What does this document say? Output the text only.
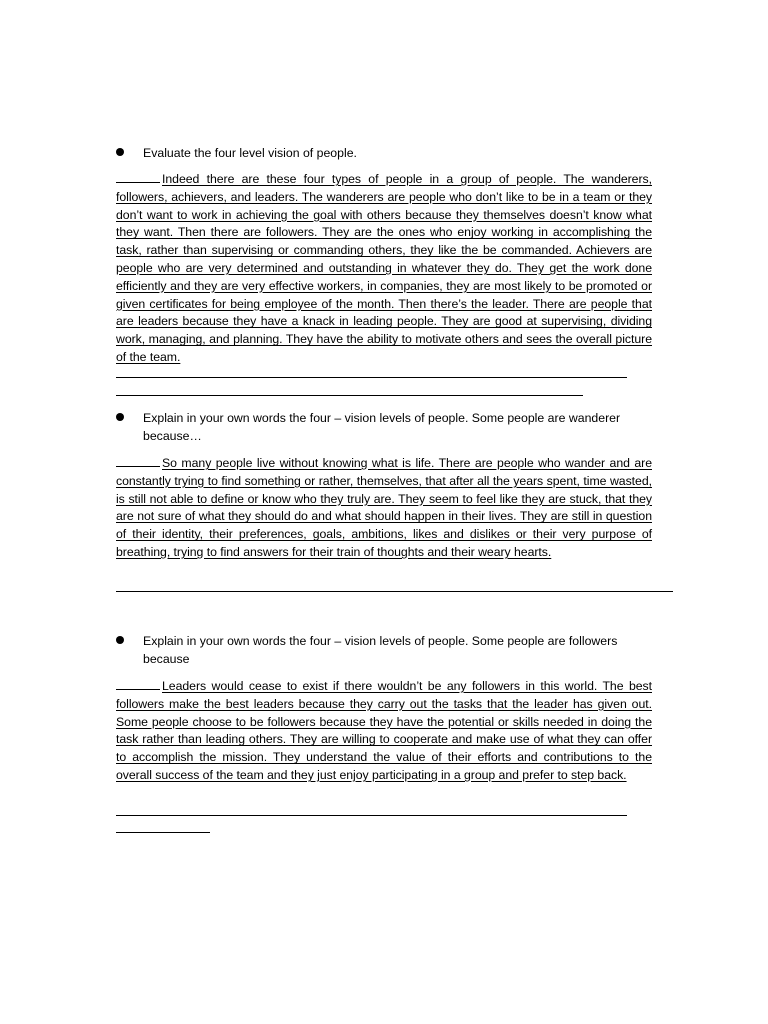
Evaluate the four level vision of people.
Indeed there are these four types of people in a group of people. The wanderers, followers, achievers, and leaders. The wanderers are people who don’t like to be in a team or they don’t want to work in achieving the goal with others because they themselves doesn’t know what they want. Then there are followers. They are the ones who enjoy working in accomplishing the task, rather than supervising or commanding others, they like the be commanded. Achievers are people who are very determined and outstanding in whatever they do. They get the work done efficiently and they are very effective workers, in companies, they are most likely to be promoted or given certificates for being employee of the month. Then there’s the leader. There are people that are leaders because they have a knack in leading people. They are good at supervising, dividing work, managing, and planning. They have the ability to motivate others and sees the overall picture of the team.
Explain in your own words the four – vision levels of people. Some people are wanderer because…
So many people live without knowing what is life. There are people who wander and are constantly trying to find something or rather, themselves, that after all the years spent, time wasted, is still not able to define or know who they truly are. They seem to feel like they are stuck, that they are not sure of what they should do and what should happen in their lives. They are still in question of their identity, their preferences, goals, ambitions, likes and dislikes or their very purpose of breathing, trying to find answers for their train of thoughts and their weary hearts.
Explain in your own words the four – vision levels of people. Some people are followers because
Leaders would cease to exist if there wouldn’t be any followers in this world. The best followers make the best leaders because they carry out the tasks that the leader has given out. Some people choose to be followers because they have the potential or skills needed in doing the task rather than leading others. They are willing to cooperate and make use of what they can offer to accomplish the mission. They understand the value of their efforts and contributions to the overall success of the team and they just enjoy participating in a group and prefer to step back.
